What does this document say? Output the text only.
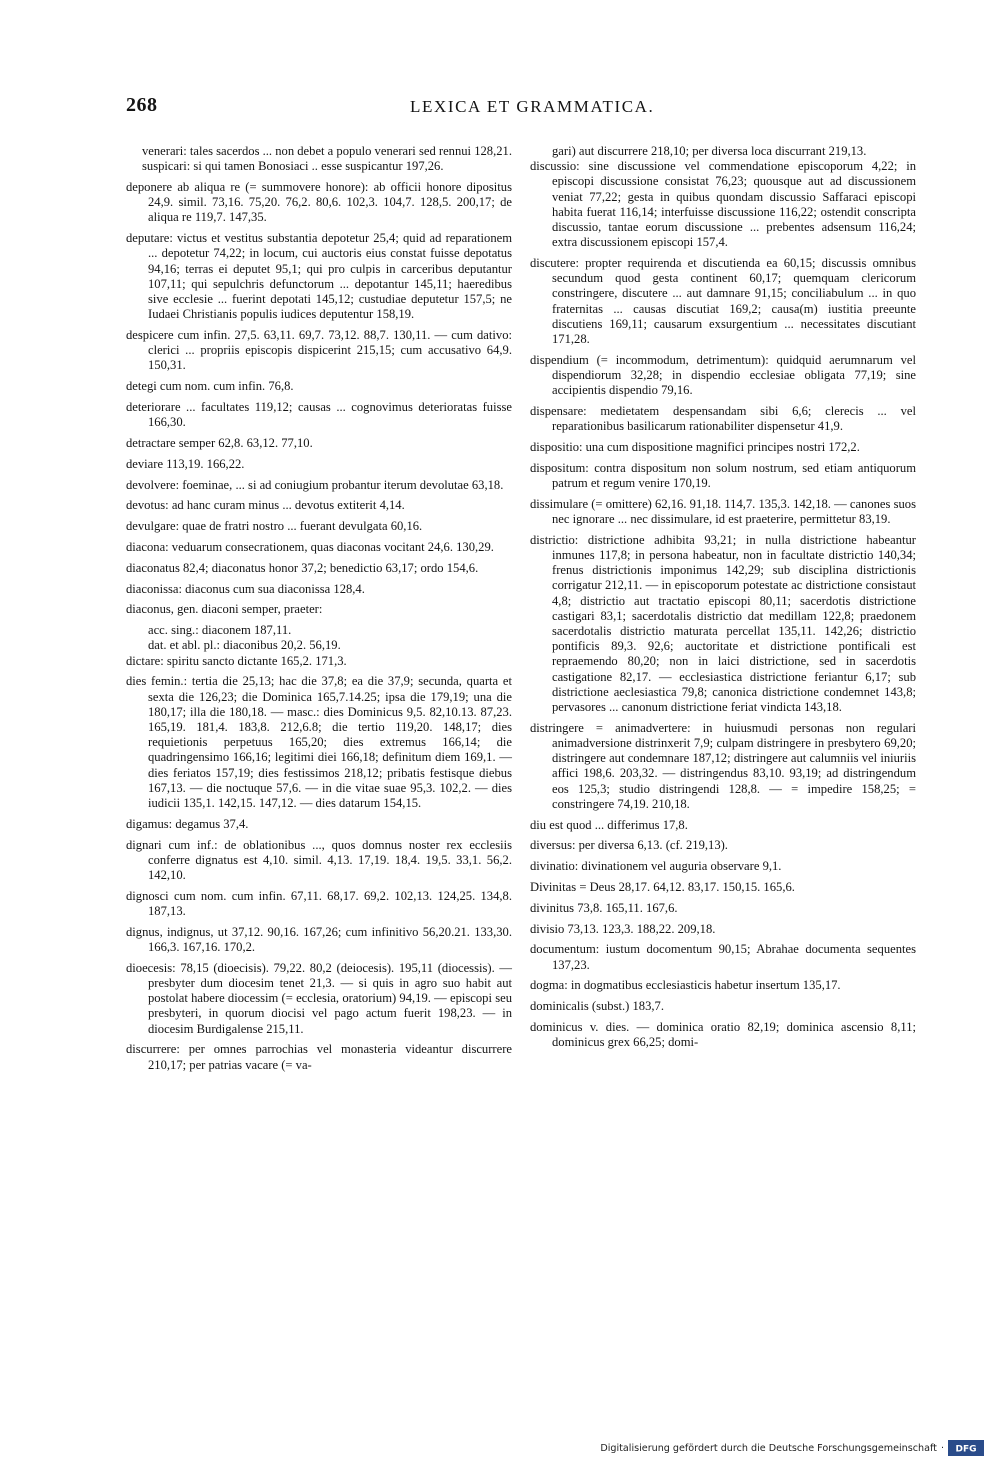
268	LEXICA ET GRAMMATICA.

venerari: tales sacerdos ... non debet a populo venerari sed rennui 128,21.

suspicari: si qui tamen Bonosiaci .. esse suspicantur 197,26.

deponere ab aliqua re (= summovere honore): ab officii honore dipositus 24,9. simil. 73,16. 75,20. 76,2. 80,6. 102,3. 104,7. 128,5. 200,17; de aliqua re 119,7. 147,35.

deputare: victus et vestitus substantia depotetur 25,4; quid ad reparationem ... depotetur 74,22; in locum, cui auctoris eius constat fuisse depotatus 94,16; terras ei deputet 95,1; qui pro culpis in carceribus deputantur 107,11; qui sepulchris defunctorum ... depotantur 145,11; haeredibus sive ecclesie ... fuerint depotati 145,12; custudiae deputetur 157,5; ne Iudaei Christianis populis iudices deputentur 158,19.

despicere cum infin. 27,5. 63,11. 69,7. 73,12. 88,7. 130,11. — cum dativo: clerici ... propriis episcopis dispicerint 215,15; cum accusativo 64,9. 150,31.

detegi cum nom. cum infin. 76,8.

deteriorare ... facultates 119,12; causas ... cognovimus deterioratas fuisse 166,30.

detractare semper 62,8. 63,12. 77,10.

deviare 113,19. 166,22.

devolvere: foeminae, ... si ad coniugium probantur iterum devolutae 63,18.

devotus: ad hanc curam minus ... devotus extiterit 4,14.

devulgare: quae de fratri nostro ... fuerant devulgata 60,16.

diacona: veduarum consecrationem, quas diaconas vocitant 24,6. 130,29.

diaconatus 82,4; diaconatus honor 37,2; benedictio 63,17; ordo 154,6.

diaconissa: diaconus cum sua diaconissa 128,4.

diaconus, gen. diaconi semper, praeter:

acc. sing.: diaconem 187,11.

dat. et abl. pl.: diaconibus 20,2. 56,19.

dictare: spiritu sancto dictante 165,2. 171,3.

dies femin.: tertia die 25,13; hac die 37,8; ea die 37,9; secunda, quarta et sexta die 126,23; die Dominica 165,7.14.25; ipsa die 179,19; una die 180,17; illa die 180,18. — masc.: dies Dominicus 9,5. 82,10.13. 87,23. 165,19. 181,4. 183,8. 212,6.8; die tertio 119,20. 148,17; dies requietionis perpetuus 165,20; dies extremus 166,14; die quadringensimo 166,16; legitimi diei 166,18; definitum diem 169,1. — dies feriatos 157,19; dies festissimos 218,12; pribatis festisque diebus 167,13. — die noctuque 57,6. — in die vitae suae 95,3. 102,2. — dies iudicii 135,1. 142,15. 147,12. — dies datarum 154,15.

digamus: degamus 37,4.

dignari cum inf.: de oblationibus ..., quos domnus noster rex ecclesiis conferre dignatus est 4,10. simil. 4,13. 17,19. 18,4. 19,5. 33,1. 56,2. 142,10.

dignosci cum nom. cum infin. 67,11. 68,17. 69,2. 102,13. 124,25. 134,8. 187,13.

dignus, indignus, ut 37,12. 90,16. 167,26; cum infinitivo 56,20.21. 133,30. 166,3. 167,16. 170,2.

dioecesis: 78,15 (dioecisis). 79,22. 80,2 (deiocesis). 195,11 (diocessis). — presbyter dum diocesim tenet 21,3. — si quis in agro suo habit aut postolat habere diocessim (= ecclesia, oratorium) 94,19. — episcopi seu presbyteri, in quorum diocisi vel pago actum fuerit 198,23. — in diocesim Burdigalense 215,11.

discurrere: per omnes parrochias vel monasteria videantur discurrere 210,17; per patrias vacare (= va-

gari) aut discurrere 218,10; per diversa loca discurrant 219,13.

discussio: sine discussione vel commendatione episcoporum 4,22; in episcopi discussione consistat 76,23; quousque aut ad discussionem veniat 77,22; gesta in quibus quondam discussio Saffaraci episcopi habita fuerat 116,14; interfuisse discussione 116,22; ostendit conscripta discussio, tantae eorum discussione ... prebentes adsensum 116,24; extra discussionem episcopi 157,4.

discutere: propter requirenda et discutienda ea 60,15; discussis omnibus secundum quod gesta continent 60,17; quemquam clericorum constringere, discutere ... aut damnare 91,15; conciliabulum ... in quo fraternitas ... causas discutiat 169,2; causa(m) iustitia preeunte discutiens 169,11; causarum exsurgentium ... necessitates discutiant 171,28.

dispendium (= incommodum, detrimentum): quidquid aerumnarum vel dispendiorum 32,28; in dispendio ecclesiae obligata 77,19; sine accipientis dispendio 79,16.

dispensare: medietatem despensandam sibi 6,6; clerecis ... vel reparationibus basilicarum rationabiliter dispensetur 41,9.

dispositio: una cum dispositione magnifici principes nostri 172,2.

dispositum: contra dispositum non solum nostrum, sed etiam antiquorum patrum et regum venire 170,19.

dissimulare (= omittere) 62,16. 91,18. 114,7. 135,3. 142,18. — canones suos nec ignorare ... nec dissimulare, id est praeterire, permittetur 83,19.

districtio: districtione adhibita 93,21; in nulla districtione habeantur inmunes 117,8; in persona habeatur, non in facultate districtio 140,34; frenus districtionis imponimus 142,29; sub disciplina districtionis corrigatur 212,11. — in episcoporum potestate ac districtione consistaut 4,8; districtio aut tractatio episcopi 80,11; sacerdotis districtione castigari 83,1; sacerdotalis districtio dat medillam 122,8; praedonem sacerdotalis districtio maturata percellat 135,11. 142,26; districtio pontificis 89,3. 92,6; auctoritate et districtione pontificali est repraemendo 80,20; non in laici districtione, sed in sacerdotis castigatione 82,17. — ecclesiastica districtione feriantur 6,17; sub districtione aeclesiastica 79,8; canonica districtione condemnet 143,8; pervasores ... canonum districtione feriat vindicta 143,18.

distringere = animadvertere: in huiusmudi personas non regulari animadversione distrinxerit 7,9; culpam distringere in presbytero 69,20; distringere aut condemnare 187,12; distringere aut calumniis vel iniuriis affici 198,6. 203,32. — distringendus 83,10. 93,19; ad distringendum eos 125,3; studio distringendi 128,8. — = impedire 158,25; = constringere 74,19. 210,18.

diu est quod ... differimus 17,8.

diversus: per diversa 6,13. (cf. 219,13).

divinatio: divinationem vel auguria observare 9,1.

Divinitas = Deus 28,17. 64,12. 83,17. 150,15. 165,6.

divinitus 73,8. 165,11. 167,6.

divisio 73,13. 123,3. 188,22. 209,18.

documentum: iustum docomentum 90,15; Abrahae documenta sequentes 137,23.

dogma: in dogmatibus ecclesiasticis habetur insertum 135,17.

dominicalis (subst.) 183,7.

dominicus v. dies. — dominica oratio 82,19; dominica ascensio 8,11; dominicus grex 66,25; domi-

Digitalisierung gefördert durch die Deutsche Forschungsgemeinschaft · DFG
